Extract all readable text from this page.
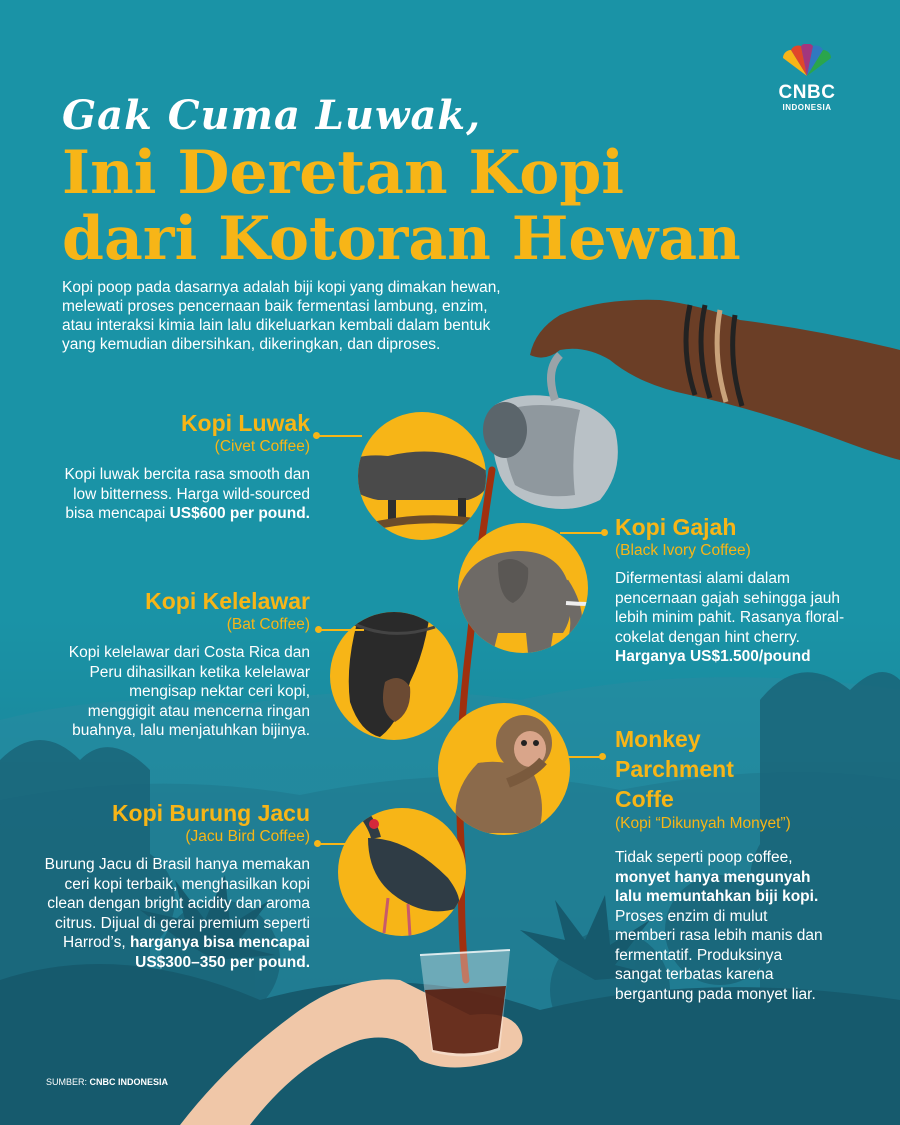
CNBC
INDONESIA
Gak Cuma Luwak,
Ini Deretan Kopi
dari Kotoran Hewan
Kopi poop pada dasarnya adalah biji kopi yang dimakan hewan, melewati proses pencernaan baik fermentasi lambung, enzim, atau interaksi kimia lain lalu dikeluarkan kembali dalam bentuk yang kemudian dibersihkan, dikeringkan, dan diproses.
Kopi Luwak
(Civet Coffee)
Kopi luwak bercita rasa smooth dan low bitterness. Harga wild-sourced bisa mencapai US$600 per pound.
Kopi Gajah
(Black Ivory Coffee)
Difermentasi alami dalam pencernaan gajah sehingga jauh lebih minim pahit. Rasanya floral-cokelat dengan hint cherry. Harganya US$1.500/pound
Kopi Kelelawar
(Bat Coffee)
Kopi kelelawar dari Costa Rica dan Peru dihasilkan ketika kelelawar mengisap nektar ceri kopi, menggigit atau mencerna ringan buahnya, lalu menjatuhkan bijinya.	Monkey
Parchment
Coffe
(Kopi “Dikunyah Monyet”)
Tidak seperti poop coffee, monyet hanya mengunyah lalu memuntahkan biji kopi. Proses enzim di mulut memberi rasa lebih manis dan fermentatif. Produksinya sangat terbatas karena bergantung pada monyet liar.
Kopi Burung Jacu
(Jacu Bird Coffee)
Burung Jacu di Brasil hanya memakan ceri kopi terbaik, menghasilkan kopi clean dengan bright acidity dan aroma citrus. Dijual di gerai premium seperti Harrod’s, harganya bisa mencapai US$300–350 per pound.
SUMBER: CNBC INDONESIA
